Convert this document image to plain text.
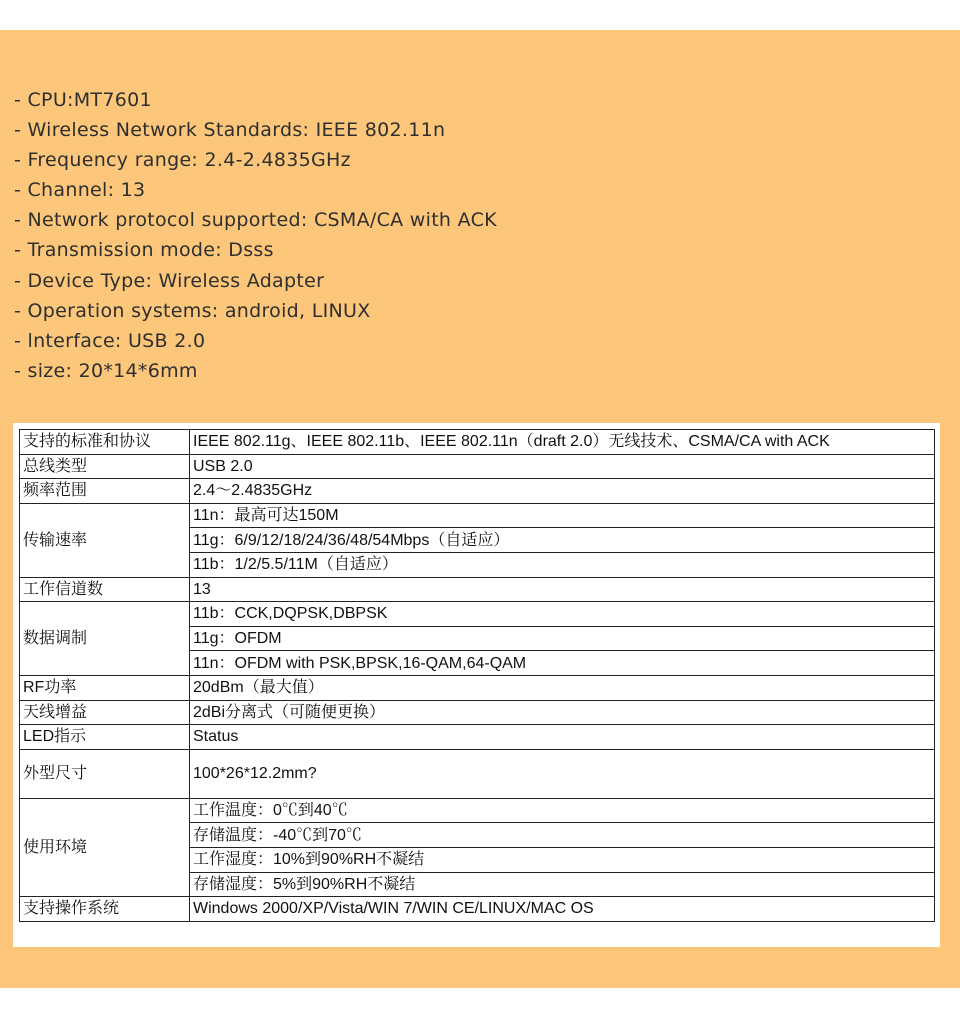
- CPU:MT7601
- Wireless Network Standards: IEEE 802.11n
- Frequency range: 2.4-2.4835GHz
- Channel: 13
- Network protocol supported: CSMA/CA with ACK
- Transmission mode: Dsss
- Device Type: Wireless Adapter
- Operation systems: android, LINUX
- lnterface: USB 2.0
- size: 20*14*6mm
支持的标准和协议	IEEE 802.11g、IEEE 802.11b、IEEE 802.11n（draft 2.0）无线技术、CSMA/CA with ACK
总线类型	USB 2.0
频率范围	2.4～2.4835GHz
传输速率	11n：最高可达150M
	11g：6/9/12/18/24/36/48/54Mbps（自适应）
	11b：1/2/5.5/11M（自适应）
工作信道数	13
数据调制	11b：CCK,DQPSK,DBPSK
	11g：OFDM
	11n：OFDM with PSK,BPSK,16-QAM,64-QAM
RF功率	20dBm（最大值）
天线增益	2dBi分离式（可随便更换）
LED指示	Status
外型尺寸	100*26*12.2mm?
使用环境	工作温度：0℃到40℃
	存储温度：-40℃到70℃
	工作湿度：10%到90%RH不凝结
	存储湿度：5%到90%RH不凝结
支持操作系统	Windows 2000/XP/Vista/WIN 7/WIN CE/LINUX/MAC OS
